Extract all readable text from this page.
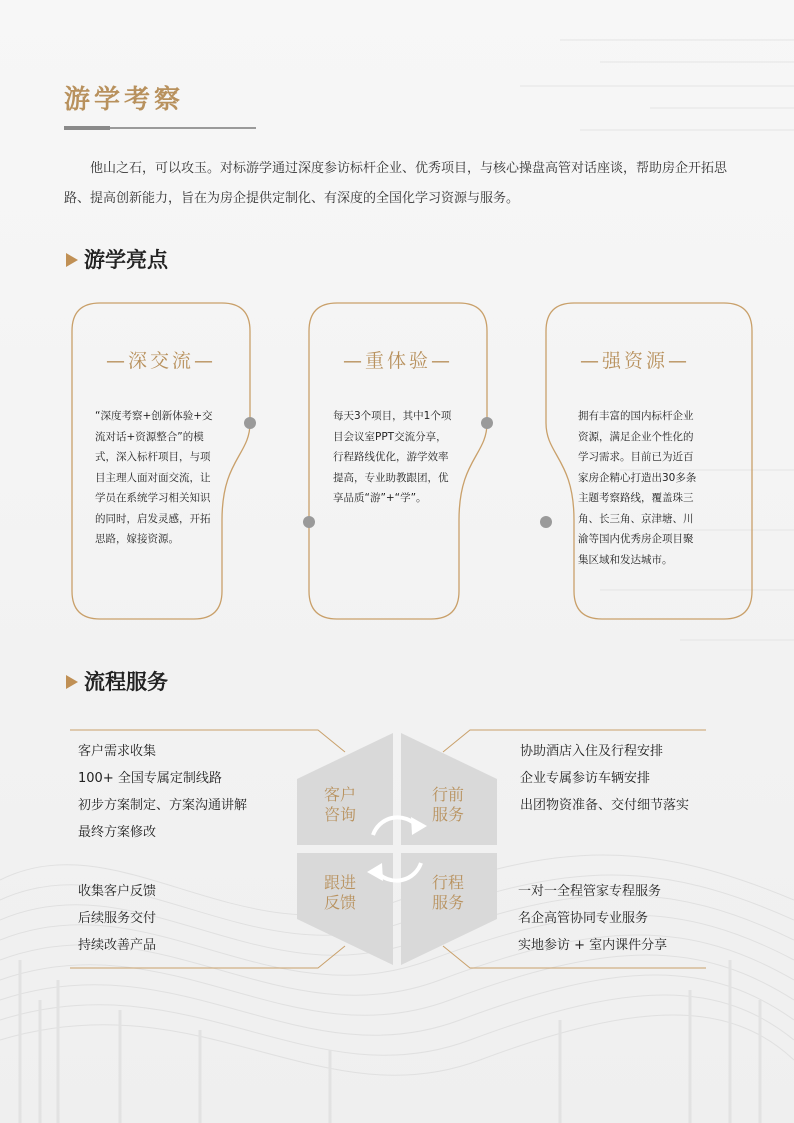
游学考察
他山之石，可以攻玉。对标游学通过深度参访标杆企业、优秀项目，与核心操盘高管对话座谈，帮助房企开拓思路、提高创新能力，旨在为房企提供定制化、有深度的全国化学习资源与服务。
游学亮点
—深交流—
“深度考察+创新体验+交流对话+资源整合”的模式，深入标杆项目，与项目主理人面对面交流，让学员在系统学习相关知识的同时，启发灵感，开拓思路，嫁接资源。
—重体验—
每天3个项目，其中1个项目会议室PPT交流分享，行程路线优化，游学效率提高，专业助教跟团，优享品质“游”+“学”。
—强资源—
拥有丰富的国内标杆企业资源，满足企业个性化的学习需求。目前已为近百家房企精心打造出30多条主题考察路线，覆盖珠三角、长三角、京津塘、川渝等国内优秀房企项目聚集区域和发达城市。
流程服务
客户
咨询
行前
服务
跟进
反馈
行程
服务
客户需求收集
100+ 全国专属定制线路
初步方案制定、方案沟通讲解
最终方案修改
协助酒店入住及行程安排
企业专属参访车辆安排
出团物资准备、交付细节落实
收集客户反馈
后续服务交付
持续改善产品
一对一全程管家专程服务
名企高管协同专业服务
实地参访 + 室内课件分享
